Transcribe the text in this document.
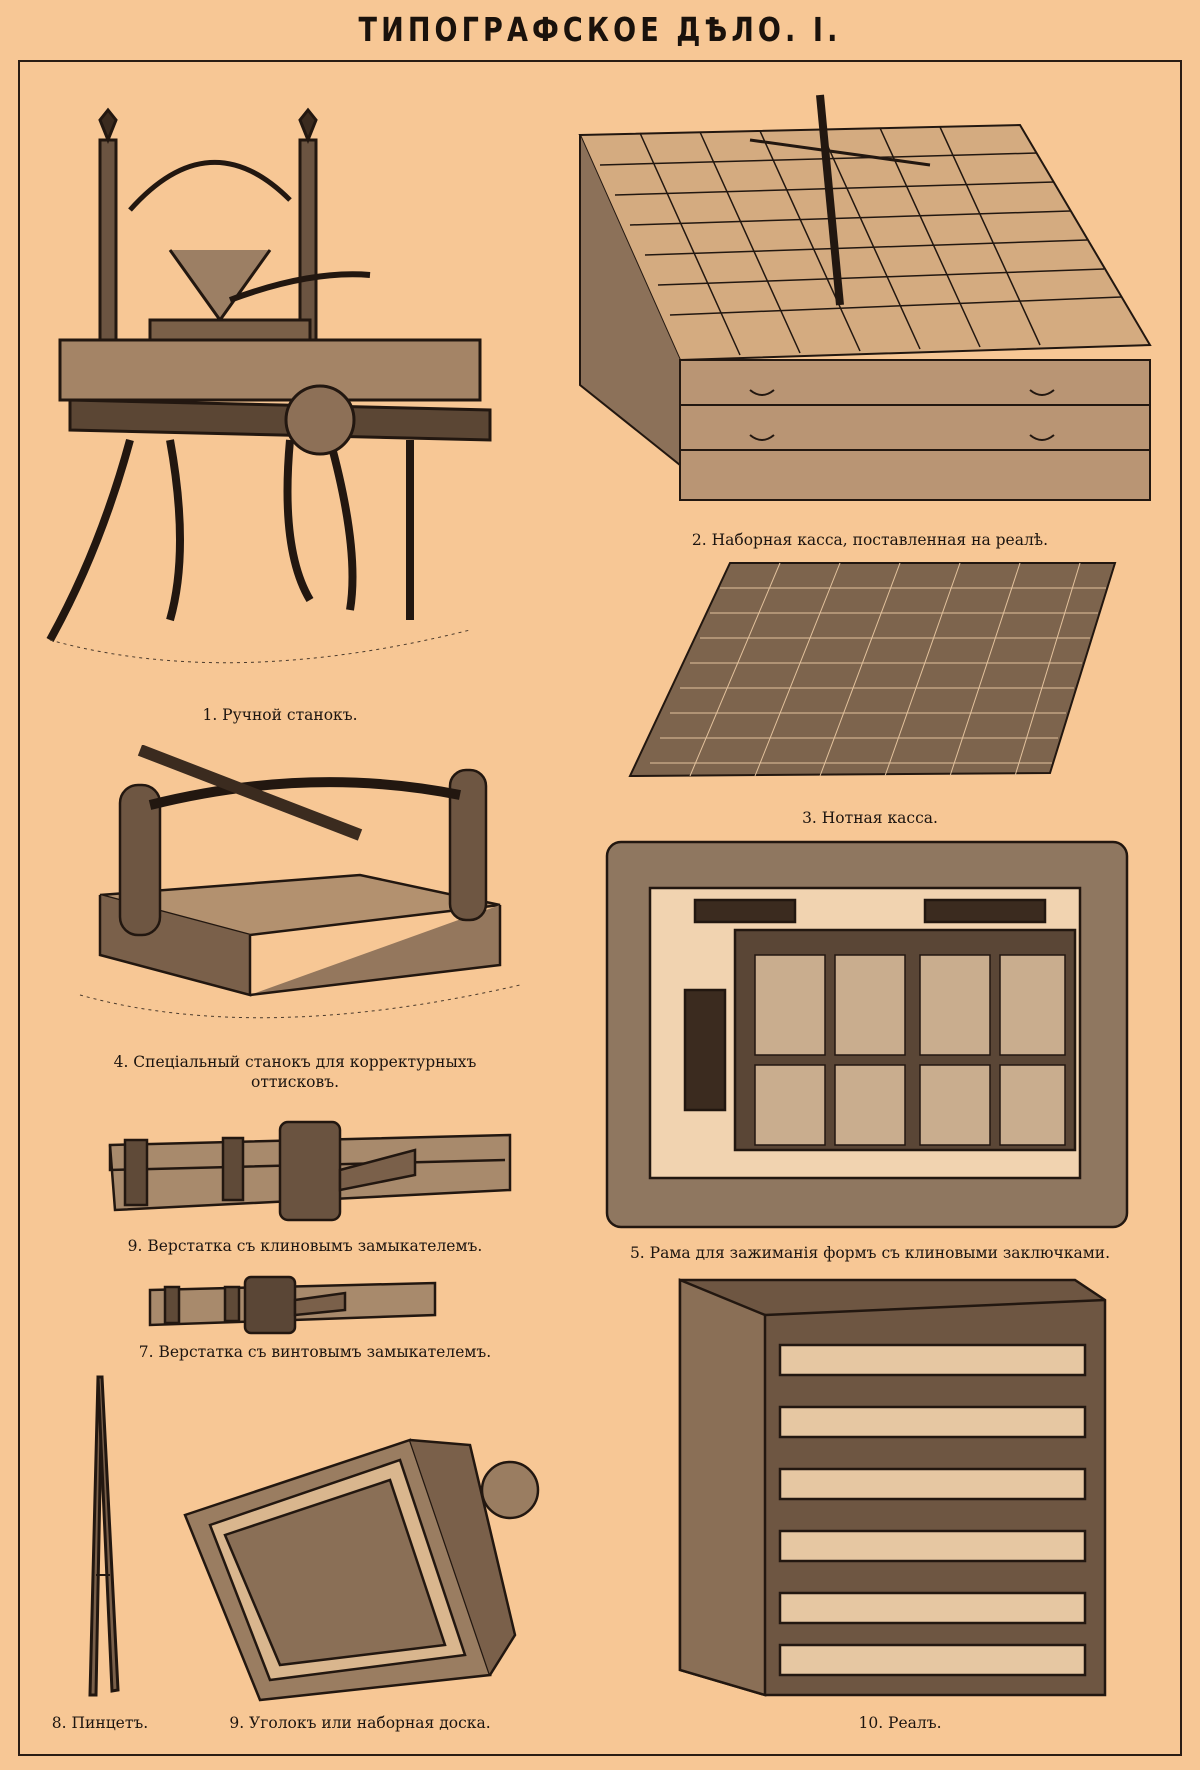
ТИПОГРАФСКОЕ ДѢЛО. I.
1. Ручной станокъ.
2. Наборная касса, поставленная на реалѣ.
3. Нотная касса.
4. Спеціальный станокъ для корректурныхъ оттисковъ.
5. Рама для зажиманія формъ съ клиновыми заключками.
9. Верстатка съ клиновымъ замыкателемъ.
7. Верстатка съ винтовымъ замыкателемъ.
8. Пинцетъ.	9. Уголокъ или наборная доска.	10. Реалъ.
